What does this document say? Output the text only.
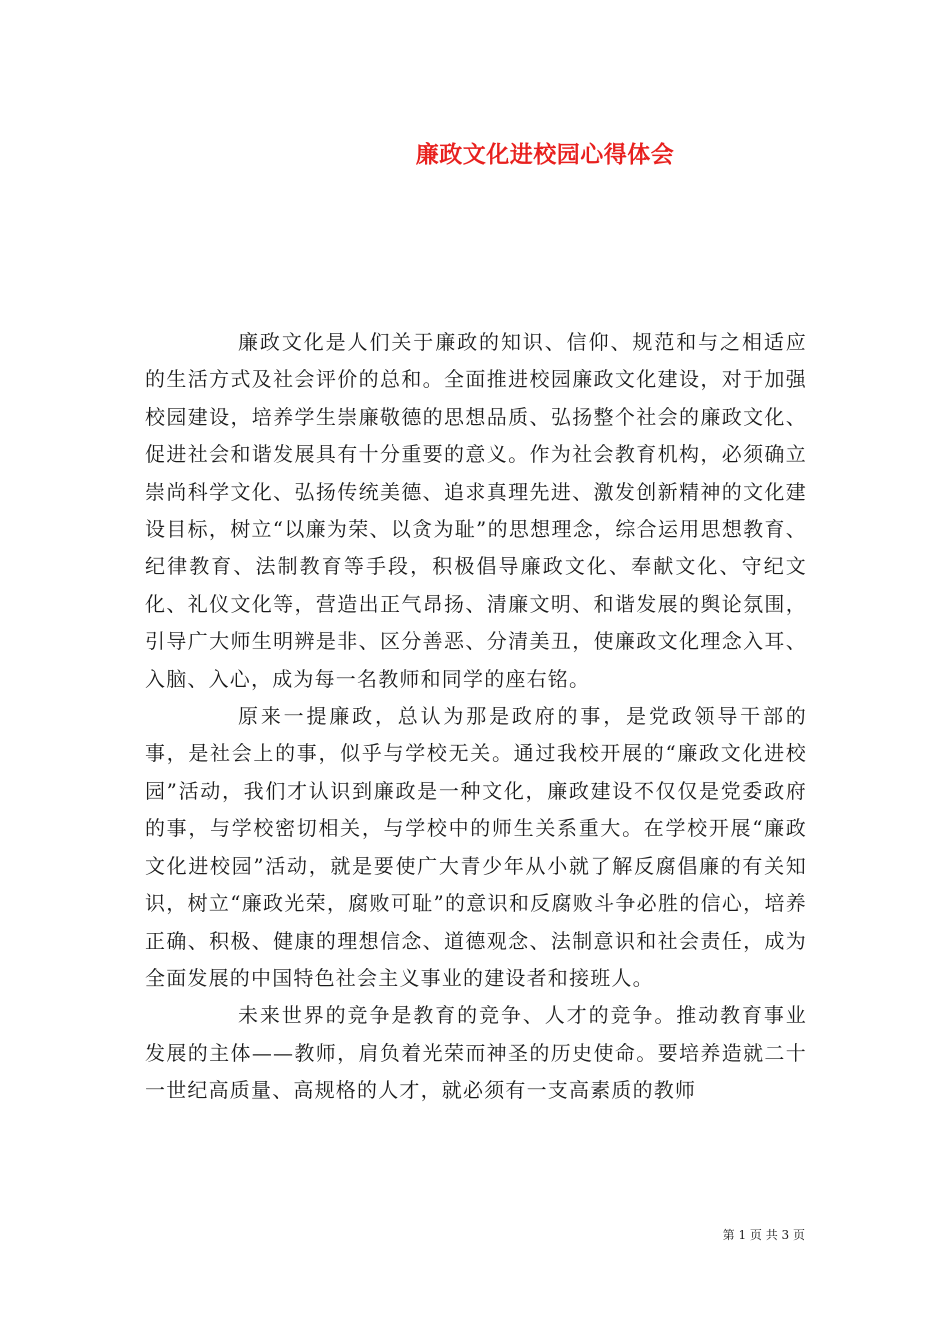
廉政文化进校园心得体会

廉政文化是人们关于廉政的知识、信仰、规范和与之相适应的生活方式及社会评价的总和。全面推进校园廉政文化建设，对于加强校园建设，培养学生崇廉敬德的思想品质、弘扬整个社会的廉政文化、促进社会和谐发展具有十分重要的意义。作为社会教育机构，必须确立崇尚科学文化、弘扬传统美德、追求真理先进、激发创新精神的文化建设目标，树立“以廉为荣、以贪为耻”的思想理念，综合运用思想教育、纪律教育、法制教育等手段，积极倡导廉政文化、奉献文化、守纪文化、礼仪文化等，营造出正气昂扬、清廉文明、和谐发展的舆论氛围，引导广大师生明辨是非、区分善恶、分清美丑，使廉政文化理念入耳、入脑、入心，成为每一名教师和同学的座右铭。

原来一提廉政，总认为那是政府的事，是党政领导干部的事，是社会上的事，似乎与学校无关。通过我校开展的“廉政文化进校园”活动，我们才认识到廉政是一种文化，廉政建设不仅仅是党委政府的事，与学校密切相关，与学校中的师生关系重大。在学校开展“廉政文化进校园”活动，就是要使广大青少年从小就了解反腐倡廉的有关知识，树立“廉政光荣，腐败可耻”的意识和反腐败斗争必胜的信心，培养正确、积极、健康的理想信念、道德观念、法制意识和社会责任，成为全面发展的中国特色社会主义事业的建设者和接班人。

未来世界的竞争是教育的竞争、人才的竞争。推动教育事业发展的主体——教师，肩负着光荣而神圣的历史使命。要培养造就二十一世纪高质量、高规格的人才，就必须有一支高素质的教师

第 1 页 共 3 页
